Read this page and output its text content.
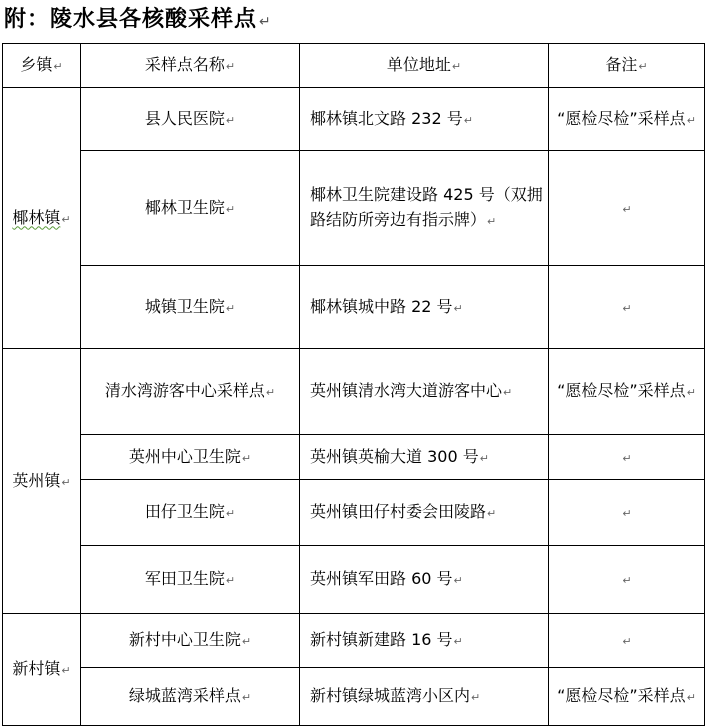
附：陵水县各核酸采样点 ↵
乡镇↵	采样点名称↵	单位地址↵	备注↵
椰林镇↵	县人民医院↵	椰林镇北文路 232 号↵	“愿检尽检”采样点↵
	椰林卫生院↵	椰林卫生院建设路 425 号（双拥路结防所旁边有指示牌）↵	↵
	城镇卫生院↵	椰林镇城中路 22 号↵	↵
英州镇↵	清水湾游客中心采样点↵	英州镇清水湾大道游客中心↵	“愿检尽检”采样点↵
	英州中心卫生院↵	英州镇英榆大道 300 号↵	↵
	田仔卫生院↵	英州镇田仔村委会田陵路↵	↵
	军田卫生院↵	英州镇军田路 60 号↵	↵
新村镇↵	新村中心卫生院↵	新村镇新建路 16 号↵	↵
	绿城蓝湾采样点↵	新村镇绿城蓝湾小区内↵	“愿检尽检”采样点↵
